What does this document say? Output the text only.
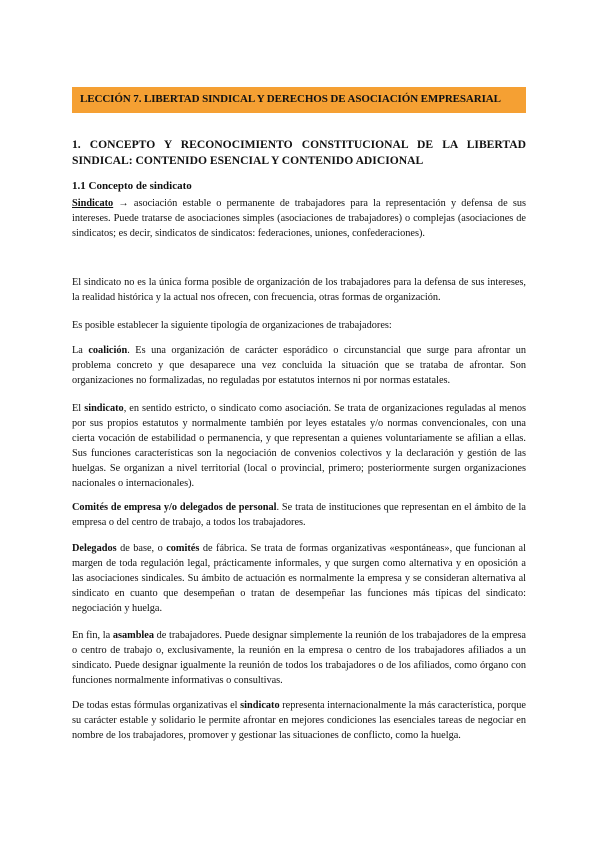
LECCIÓN 7. LIBERTAD SINDICAL Y DERECHOS DE ASOCIACIÓN EMPRESARIAL
1. CONCEPTO Y RECONOCIMIENTO CONSTITUCIONAL DE LA LIBERTAD SINDICAL: CONTENIDO ESENCIAL Y CONTENIDO ADICIONAL
1.1 Concepto de sindicato

Sindicato → asociación estable o permanente de trabajadores para la representación y defensa de sus intereses. Puede tratarse de asociaciones simples (asociaciones de trabajadores) o complejas (asociaciones de sindicatos; es decir, sindicatos de sindicatos: federaciones, uniones, confederaciones).

El sindicato no es la única forma posible de organización de los trabajadores para la defensa de sus intereses, la realidad histórica y la actual nos ofrecen, con frecuencia, otras formas de organización.

Es posible establecer la siguiente tipología de organizaciones de trabajadores:

La coalición. Es una organización de carácter esporádico o circunstancial que surge para afrontar un problema concreto y que desaparece una vez concluida la situación que se trataba de afrontar. Son organizaciones no formalizadas, no reguladas por estatutos internos ni por normas estatales.

El sindicato, en sentido estricto, o sindicato como asociación. Se trata de organizaciones reguladas al menos por sus propios estatutos y normalmente también por leyes estatales y/o normas convencionales, con una cierta vocación de estabilidad o permanencia, y que representan a quienes voluntariamente se afilian a ellas. Sus funciones características son la negociación de convenios colectivos y la declaración y gestión de las huelgas. Se organizan a nivel territorial (local o provincial, primero; posteriormente surgen organizaciones nacionales o internacionales).

Comités de empresa y/o delegados de personal. Se trata de instituciones que representan en el ámbito de la empresa o del centro de trabajo, a todos los trabajadores.

Delegados de base, o comités de fábrica. Se trata de formas organizativas «espontáneas», que funcionan al margen de toda regulación legal, prácticamente informales, y que surgen como alternativa y en oposición a las asociaciones sindicales. Su ámbito de actuación es normalmente la empresa y se consideran alternativa al sindicato en cuanto que desempeñan o tratan de desempeñar las funciones más típicas del sindicato: negociación y huelga.

En fin, la asamblea de trabajadores. Puede designar simplemente la reunión de los trabajadores de la empresa o centro de trabajo o, exclusivamente, la reunión en la empresa o centro de los trabajadores afiliados a un sindicato. Puede designar igualmente la reunión de todos los trabajadores o de los afiliados, como órgano con funciones normalmente informativas o consultivas.

De todas estas fórmulas organizativas el sindicato representa internacionalmente la más característica, porque su carácter estable y solidario le permite afrontar en mejores condiciones las esenciales tareas de negociar en nombre de los trabajadores, promover y gestionar las situaciones de conflicto, como la huelga.
